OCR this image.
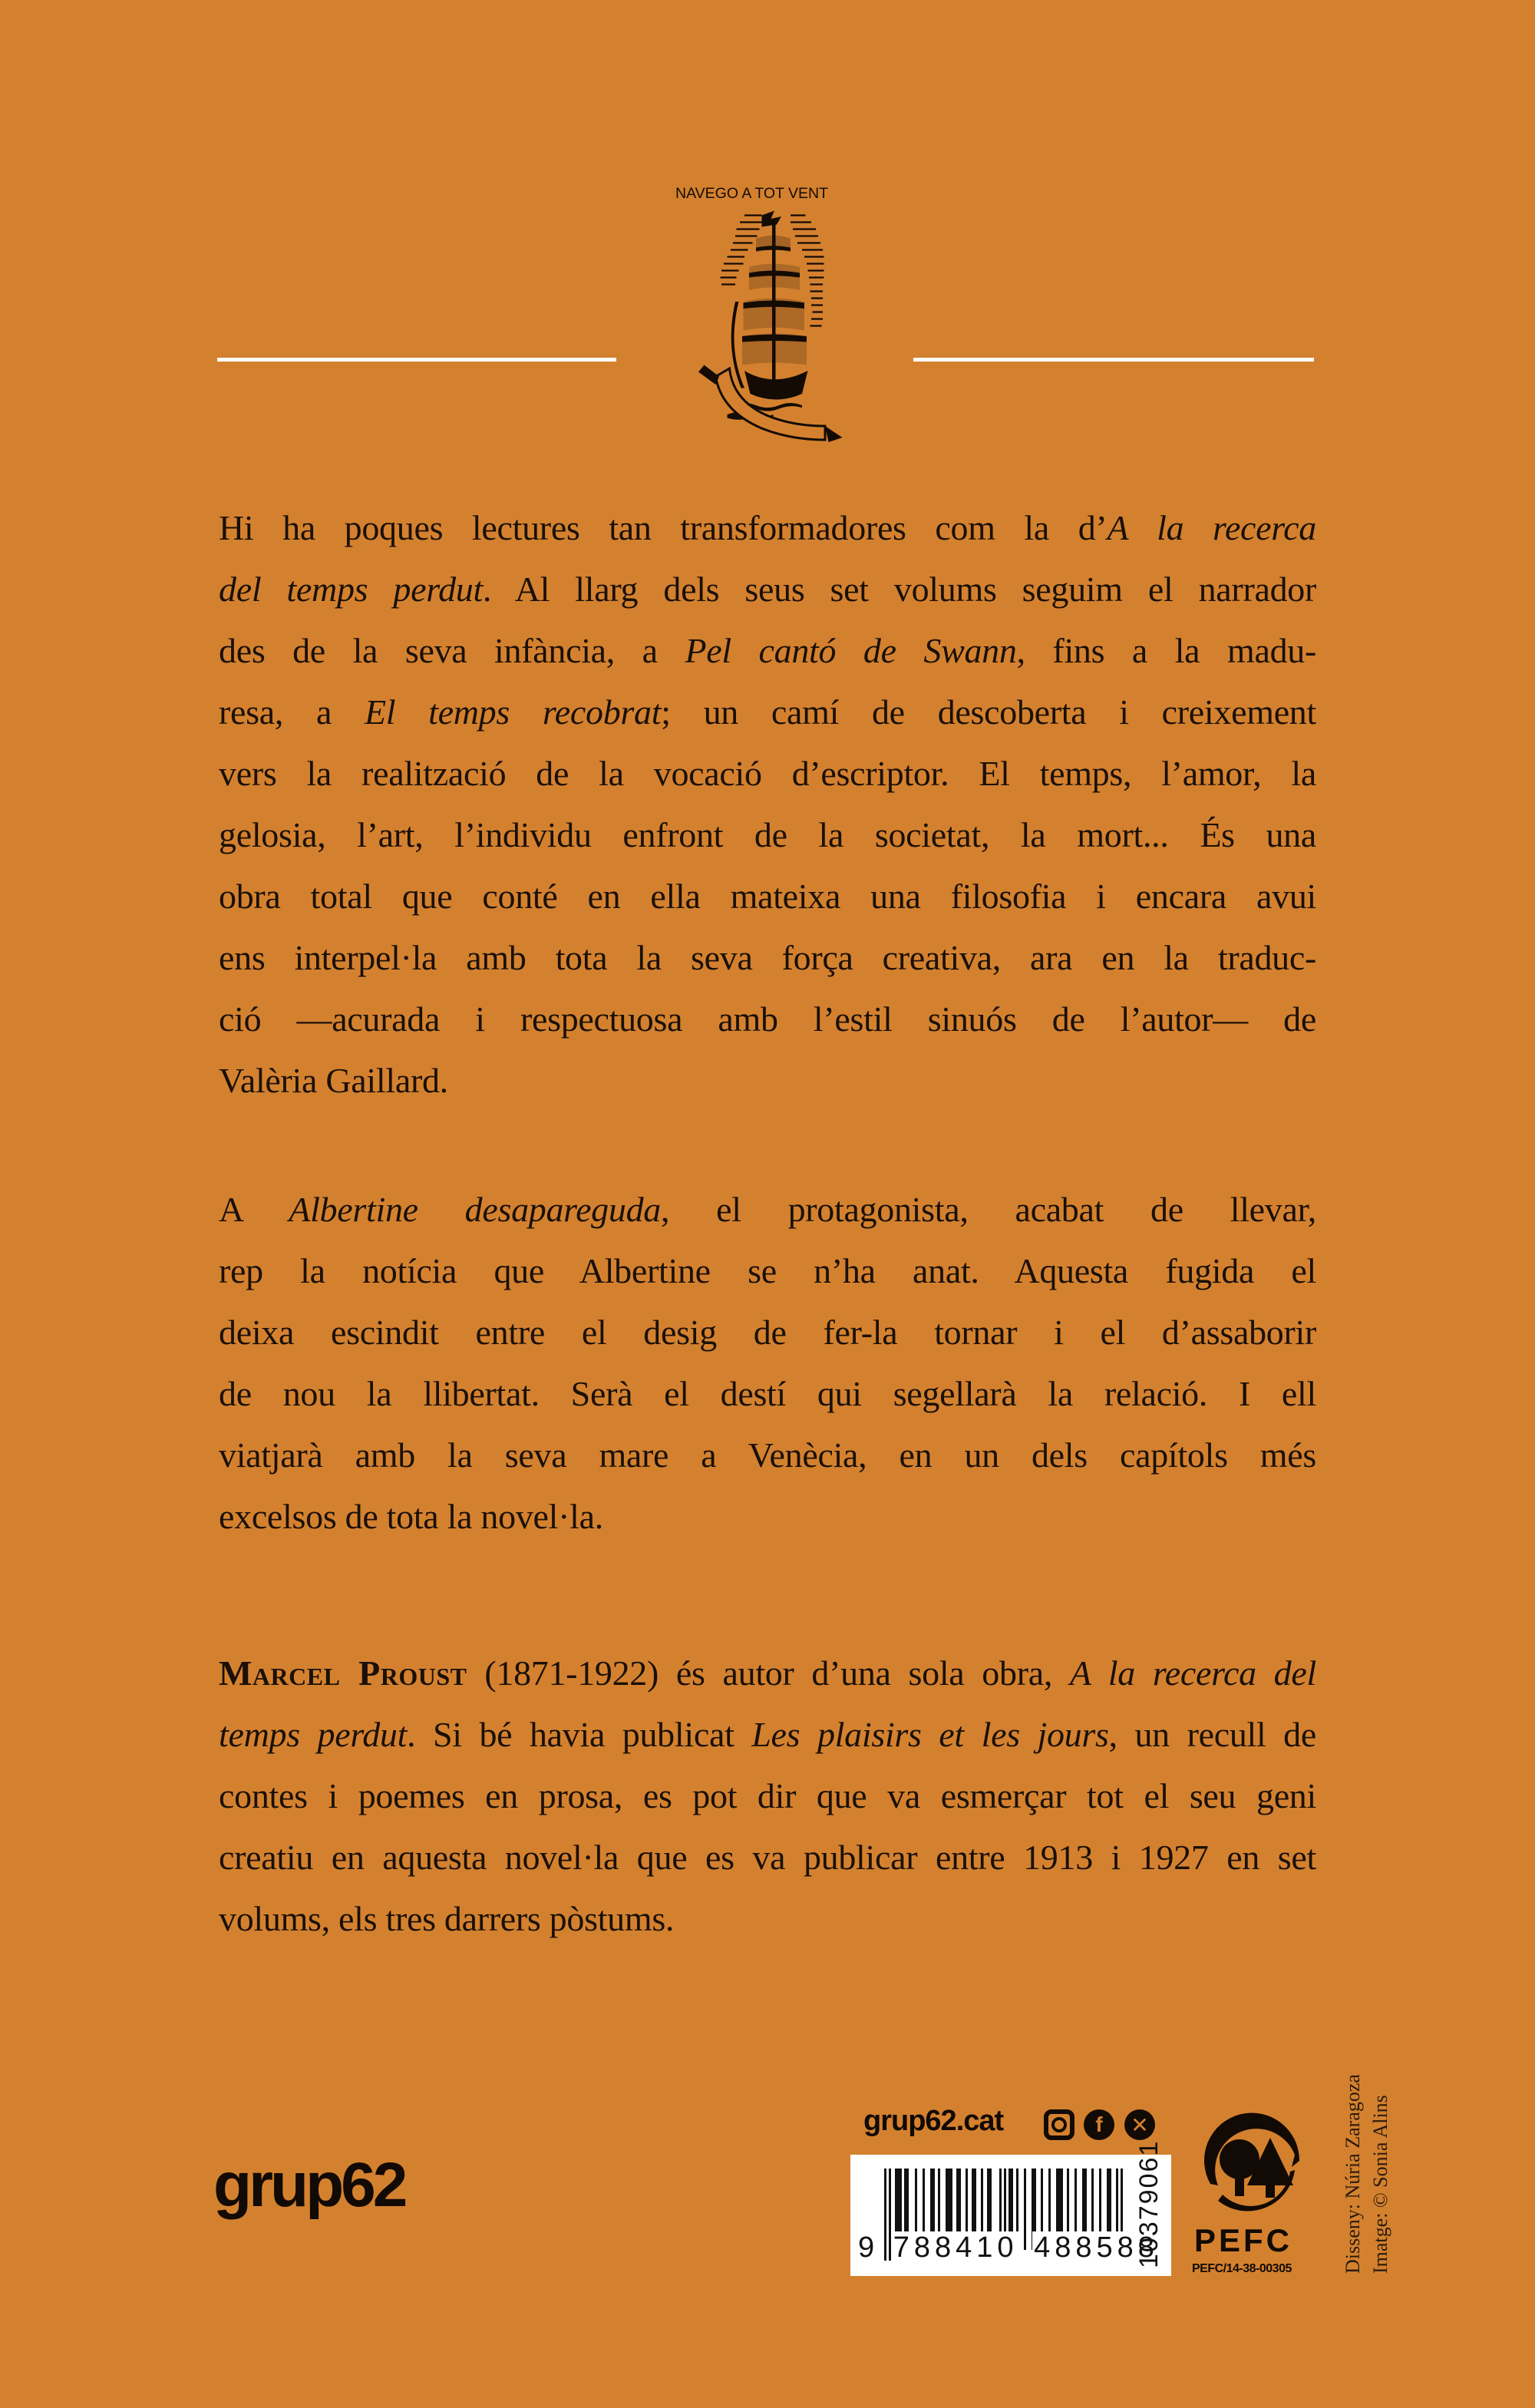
NAVEGO A TOT VENT
Hi ha poques lectures tan transformadores com la d’A la recerca
del temps perdut. Al llarg dels seus set volums seguim el narrador
des de la seva infància, a Pel cantó de Swann, fins a la madu-
resa, a El temps recobrat; un camí de descoberta i creixement
vers la realització de la vocació d’escriptor. El temps, l’amor, la
gelosia, l’art, l’individu enfront de la societat, la mort... És una
obra total que conté en ella mateixa una filosofia i encara avui
ens interpel·la amb tota la seva força creativa, ara en la traduc-
ció —acurada i respectuosa amb l’estil sinuós de l’autor— de
Valèria Gaillard.
A Albertine desapareguda, el protagonista, acabat de llevar,
rep la notícia que Albertine se n’ha anat. Aquesta fugida el
deixa escindit entre el desig de fer-la tornar i el d’assaborir
de nou la llibertat. Serà el destí qui segellarà la relació. I ell
viatjarà amb la seva mare a Venècia, en un dels capítols més
excelsos de tota la novel·la.
Marcel Proust (1871-1922) és autor d’una sola obra, A la recerca del
temps perdut. Si bé havia publicat Les plaisirs et les jours, un recull de
contes i poemes en prosa, es pot dir que va esmerçar tot el seu geni
creatiu en aquesta novel·la que es va publicar entre 1913 i 1927 en set
volums, els tres darrers pòstums.
grup62
grup62.cat	f	✕
9 788410 488588
10379061 PEFC
PEFC/14-38-00305	Disseny: Núria Zaragoza Imatge: © Sonia Alins
